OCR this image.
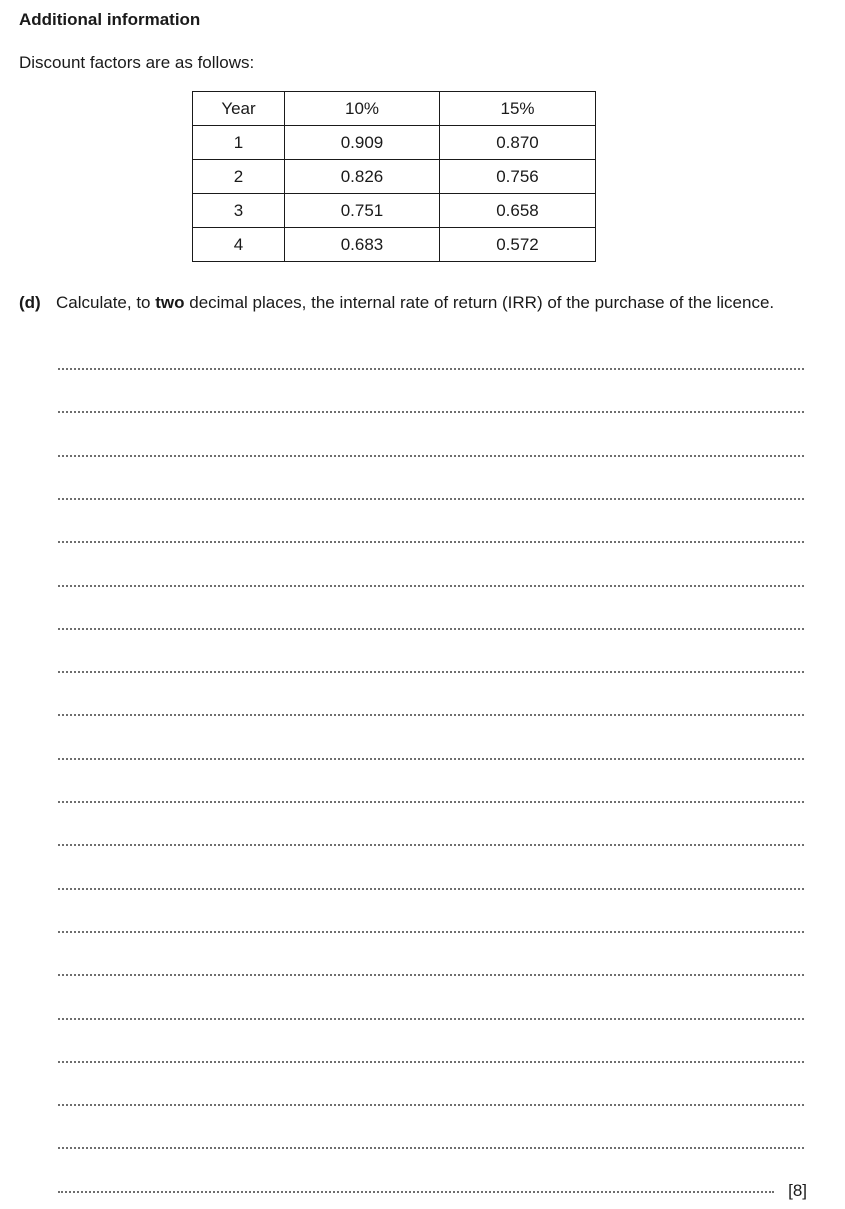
Additional information
Discount factors are as follows:
Year	10%	15%
1	0.909	0.870
2	0.826	0.756
3	0.751	0.658
4	0.683	0.572
(d) Calculate, to two decimal places, the internal rate of return (IRR) of the purchase of the licence.
[8]
